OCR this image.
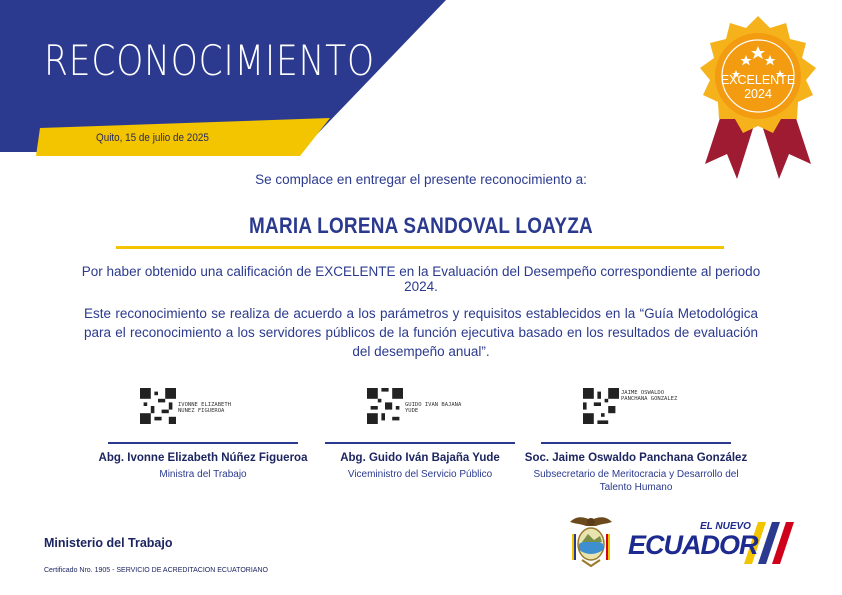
RECONOCIMIENTO
Quito, 15 de julio de 2025
EXCELENTE
2024
Se complace en entregar el presente reconocimiento a:
MARIA LORENA SANDOVAL LOAYZA
Por haber obtenido una calificación de EXCELENTE en la Evaluación del Desempeño correspondiente al periodo 2024.
Este reconocimiento se realiza de acuerdo a los parámetros y requisitos establecidos en la “Guía Metodológica para el reconocimiento a los servidores públicos de la función ejecutiva basado en los resultados de evaluación del desempeño anual”.
IVONNE ELIZABETH
NUNEZ FIGUEROA
Abg. Ivonne Elizabeth Núñez Figueroa
Ministra del Trabajo
GUIDO IVAN BAJANA
YUDE
Abg. Guido Iván Bajaña Yude
Viceministro del Servicio Público
JAIME OSWALDO
PANCHANA GONZALEZ
Soc. Jaime Oswaldo Panchana González
Subsecretario de Meritocracia y Desarrollo del Talento Humano
Ministerio del Trabajo
Certificado Nro. 1905 - SERVICIO DE ACREDITACION ECUATORIANO
EL NUEVO
ECUADOR
